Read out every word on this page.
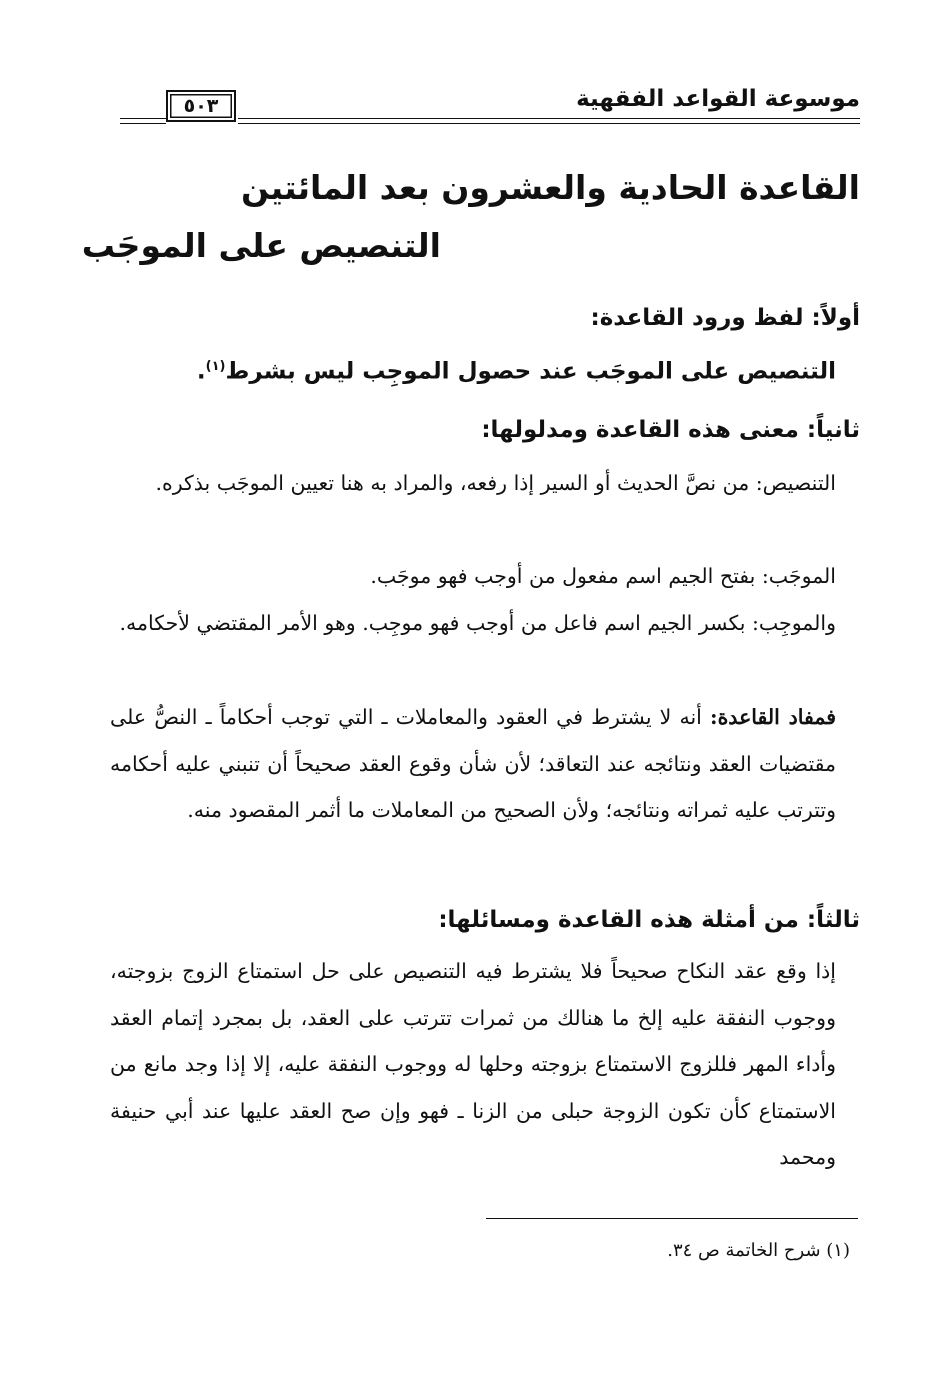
موسوعة القواعد الفقهية
٥٠٣
القاعدة الحادية والعشرون بعد المائتين
التنصيص على الموجَب
أولاً: لفظ ورود القاعدة:
التنصيص على الموجَب عند حصول الموجِب ليس بشرط$^{(١)}$.
ثانياً: معنى هذه القاعدة ومدلولها:
التنصيص: من نصَّ الحديث أو السير إذا رفعه، والمراد به هنا تعيين الموجَب بذكره.
الموجَب: بفتح الجيم اسم مفعول من أوجب فهو موجَب.
والموجِب: بكسر الجيم اسم فاعل من أوجب فهو موجِب. وهو الأمر المقتضي لأحكامه.
فمفاد القاعدة: أنه لا يشترط في العقود والمعاملات ـ التي توجب أحكاماً ـ النصُّ على مقتضيات العقد ونتائجه عند التعاقد؛ لأن شأن وقوع العقد صحيحاً أن تنبني عليه أحكامه وتترتب عليه ثمراته ونتائجه؛ ولأن الصحيح من المعاملات ما أثمر المقصود منه.
ثالثاً: من أمثلة هذه القاعدة ومسائلها:
إذا وقع عقد النكاح صحيحاً فلا يشترط فيه التنصيص على حل استمتاع الزوج بزوجته، ووجوب النفقة عليه إلخ ما هنالك من ثمرات تترتب على العقد، بل بمجرد إتمام العقد وأداء المهر فللزوج الاستمتاع بزوجته وحلها له ووجوب النفقة عليه، إلا إذا وجد مانع من الاستمتاع كأن تكون الزوجة حبلى من الزنا ـ فهو وإن صح العقد عليها عند أبي حنيفة ومحمد
(١) شرح الخاتمة ص ٣٤.
